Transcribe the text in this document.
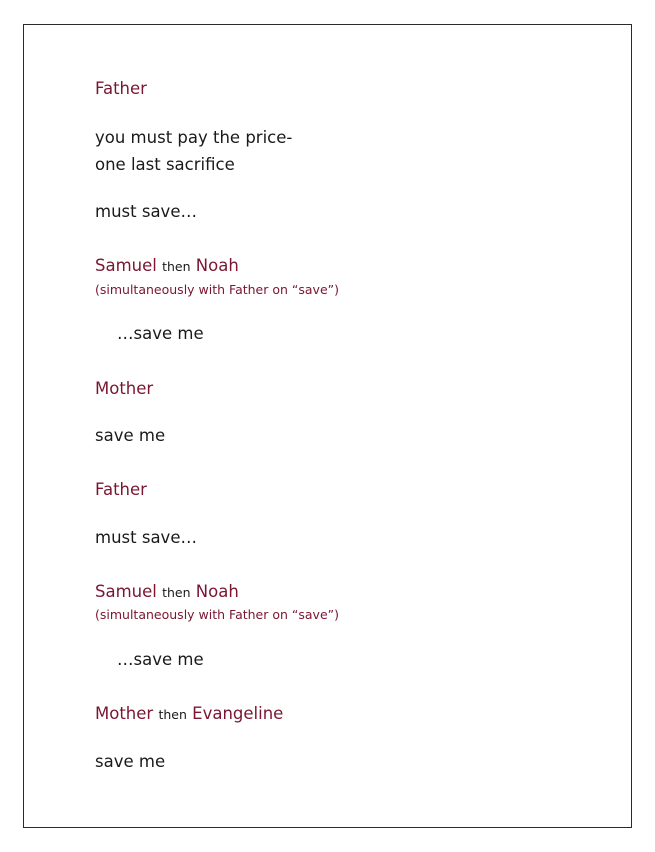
Father
you must pay the price-
one last sacrifice
must save…
Samuel then Noah
(simultaneously with Father on “save”)
…save me
Mother
save me
Father
must save…
Samuel then Noah
(simultaneously with Father on “save”)
…save me
Mother then Evangeline
save me
